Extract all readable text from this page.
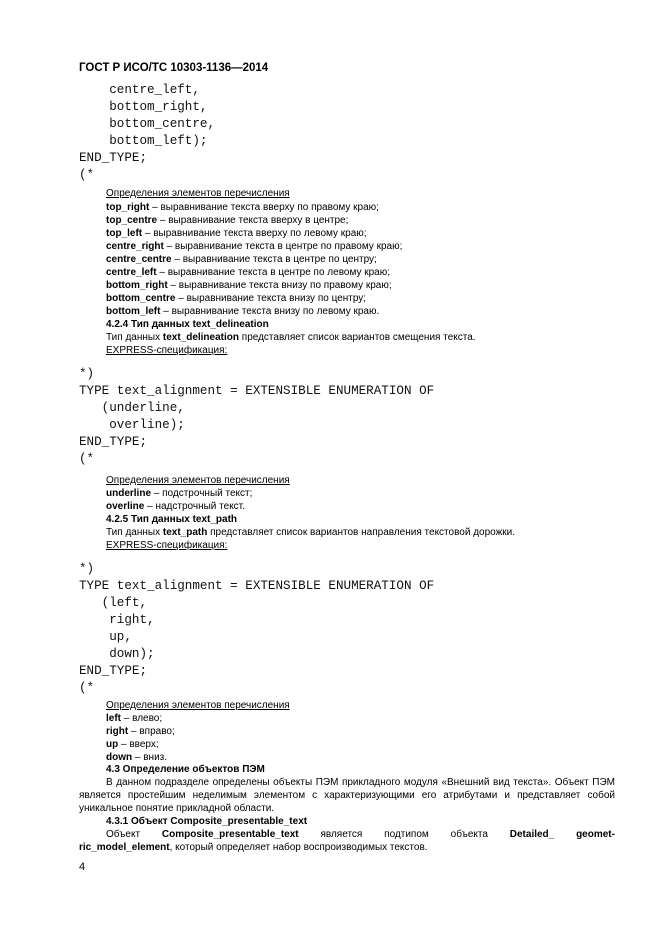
ГОСТ Р ИСО/ТС 10303-1136—2014
centre_left,
bottom_right,
bottom_centre,
bottom_left);
END_TYPE;
(*
Определения элементов перечисления
top_right – выравнивание текста вверху по правому краю;
top_centre – выравнивание текста вверху в центре;
top_left – выравнивание текста вверху по левому краю;
centre_right – выравнивание текста в центре по правому краю;
centre_centre – выравнивание текста в центре по центру;
centre_left – выравнивание текста в центре по левому краю;
bottom_right – выравнивание текста внизу по правому краю;
bottom_centre – выравнивание текста внизу по центру;
bottom_left – выравнивание текста внизу по левому краю.
4.2.4 Тип данных text_delineation
Тип данных text_delineation представляет список вариантов смещения текста.
EXPRESS-спецификация:
*)
TYPE text_alignment = EXTENSIBLE ENUMERATION OF
(underline,
overline);
END_TYPE;
(*
Определения элементов перечисления
underline – подстрочный текст;
overline – надстрочный текст.
4.2.5 Тип данных text_path
Тип данных text_path представляет список вариантов направления текстовой дорожки.
EXPRESS-спецификация:
*)
TYPE text_alignment = EXTENSIBLE ENUMERATION OF
(left,
right,
up,
down);
END_TYPE;
(*
Определения элементов перечисления
left – влево;
right – вправо;
up – вверх;
down – вниз.
4.3 Определение объектов ПЭМ
В данном подразделе определены объекты ПЭМ прикладного модуля «Внешний вид текста». Объект ПЭМ является простейшим неделимым элементом с характеризующими его атрибутами и представляет собой уникальное понятие прикладной области.
4.3.1 Объект Composite_presentable_text
Объект Composite_presentable_text является подтипом объекта Detailed_ geomet-
ric_model_element, который определяет набор воспроизводимых текстов.
4
